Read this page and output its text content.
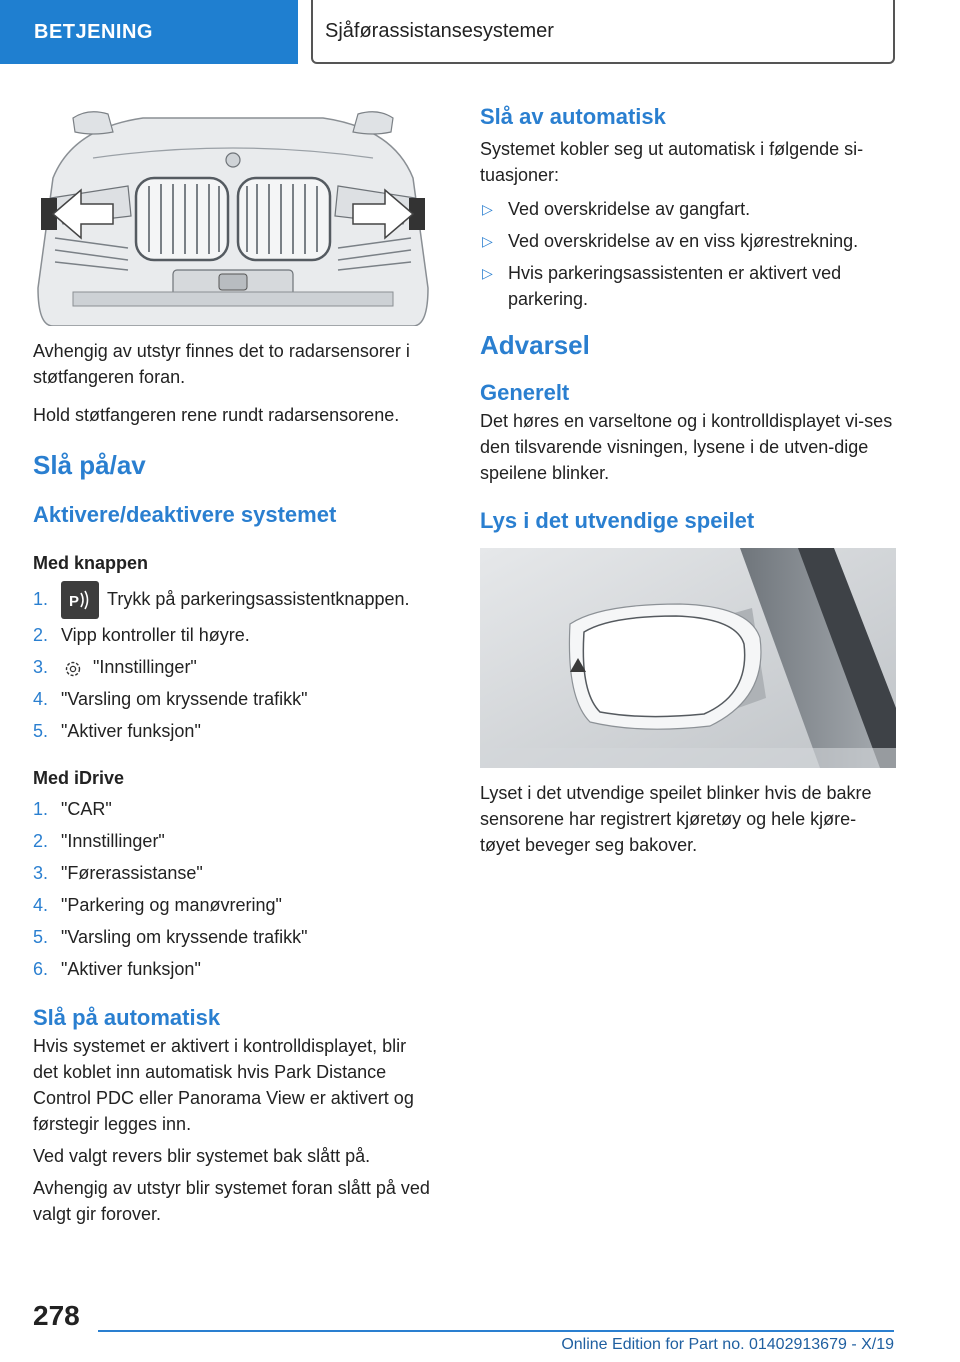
BETJENING	Sjåførassistansesystemer

Avhengig av utstyr finnes det to radarsensorer i støtfangeren foran.

Hold støtfangeren rene rundt radarsensorene.

Slå på/av
Aktivere/deaktivere systemet
Med knappen
1. P Trykk på parkeringsassistentknappen.
2. Vipp kontroller til høyre.
3. "Innstillinger"
4. "Varsling om kryssende trafikk"
5. "Aktiver funksjon"
Med iDrive
1. "CAR"
2. "Innstillinger"
3. "Førerassistanse"
4. "Parkering og manøvrering"
5. "Varsling om kryssende trafikk"
6. "Aktiver funksjon"
Slå på automatisk

Hvis systemet er aktivert i kontrolldisplayet, blir det koblet inn automatisk hvis Park Distance Control PDC eller Panorama View er aktivert og førstegir legges inn.

Ved valgt revers blir systemet bak slått på.

Avhengig av utstyr blir systemet foran slått på ved valgt gir forover.

Slå av automatisk

Systemet kobler seg ut automatisk i følgende si-tuasjoner:

▷ Ved overskridelse av gangfart.
▷ Ved overskridelse av en viss kjørestrekning.
▷ Hvis parkeringsassistenten er aktivert ved parkering.
Advarsel
Generelt

Det høres en varseltone og i kontrolldisplayet vi-ses den tilsvarende visningen, lysene i de utven-dige speilene blinker.

Lys i det utvendige speilet

Lyset i det utvendige speilet blinker hvis de bakre sensorene har registrert kjøretøy og hele kjøre-tøyet beveger seg bakover.

278
Online Edition for Part no. 01402913679 - X/19
